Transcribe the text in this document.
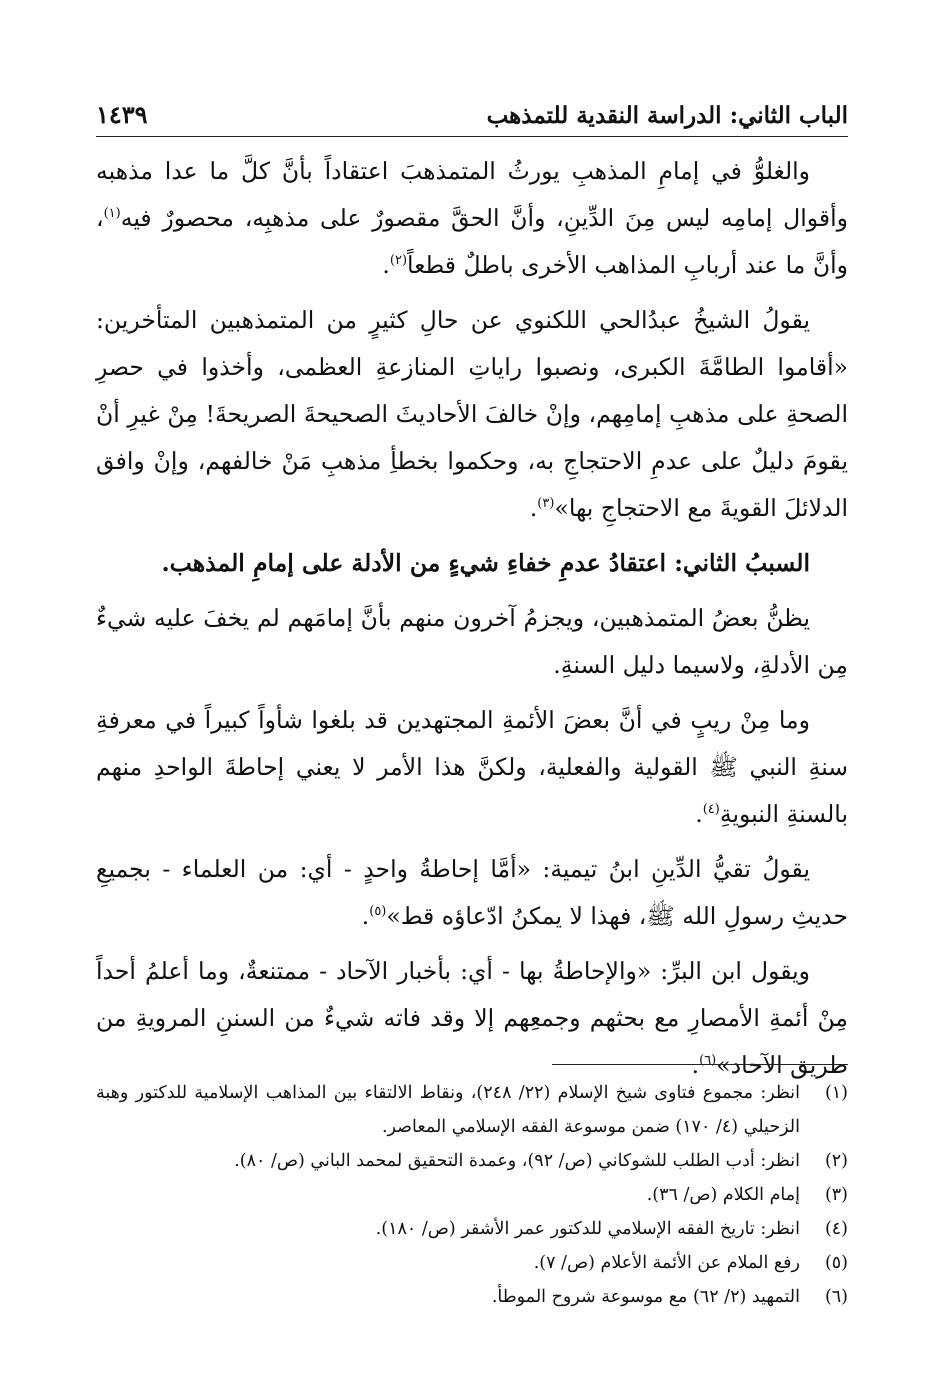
الباب الثاني: الدراسة النقدية للتمذهب
١٤٣٩

والغلوُّ في إمامِ المذهبِ يورثُ المتمذهبَ اعتقاداً بأنَّ كلَّ ما عدا مذهبه وأقوال إمامِه ليس مِنَ الدِّينِ، وأنَّ الحقَّ مقصورٌ على مذهبِه، محصورٌ فيه$^{(١)}$، وأنَّ ما عند أربابِ المذاهب الأخرى باطلٌ قطعاً$^{(٢)}$.

يقولُ الشيخُ عبدُالحي اللكنوي عن حالِ كثيرٍ من المتمذهبين المتأخرين: «أقاموا الطامَّةَ الكبرى، ونصبوا راياتِ المنازعةِ العظمى، وأخذوا في حصرِ الصحةِ على مذهبِ إمامِهم، وإنْ خالفَ الأحاديثَ الصحيحةَ الصريحةَ! مِنْ غيرِ أنْ يقومَ دليلٌ على عدمِ الاحتجاجِ به، وحكموا بخطأِ مذهبِ مَنْ خالفهم، وإنْ وافق الدلائلَ القويةَ مع الاحتجاجِ بها»$^{(٣)}$.

السببُ الثاني: اعتقادُ عدمِ خفاءِ شيءٍ من الأدلة على إمامِ المذهب.

يظنُّ بعضُ المتمذهبين، ويجزمُ آخرون منهم بأنَّ إمامَهم لم يخفَ عليه شيءٌ مِن الأدلةِ، ولاسيما دليل السنةِ.

وما مِنْ ريبٍ في أنَّ بعضَ الأئمةِ المجتهدين قد بلغوا شأواً كبيراً في معرفةِ سنةِ النبي ﷺ القولية والفعلية، ولكنَّ هذا الأمر لا يعني إحاطةَ الواحدِ منهم بالسنةِ النبويةِ$^{(٤)}$.

يقولُ تقيُّ الدِّينِ ابنُ تيمية: «أمَّا إحاطةُ واحدٍ - أي: من العلماء - بجميعِ حديثِ رسولِ الله ﷺ، فهذا لا يمكنُ ادّعاؤه قط»$^{(٥)}$.

ويقول ابن البرِّ: «والإحاطةُ بها - أي: بأخبار الآحاد - ممتنعةٌ، وما أعلمُ أحداً مِنْ أئمةِ الأمصارِ مع بحثهم وجمعِهم إلا وقد فاته شيءٌ من السننِ المرويةِ من طريق الآحاد»$^{(٦)}$.

(١)
انظر: مجموع فتاوى شيخ الإسلام (٢٢/ ٢٤٨)، ونقاط الالتقاء بين المذاهب الإسلامية للدكتور وهبة الزحيلي (٤/ ١٧٠) ضمن موسوعة الفقه الإسلامي المعاصر.
(٢)
انظر: أدب الطلب للشوكاني (ص/ ٩٢)، وعمدة التحقيق لمحمد الباني (ص/ ٨٠).
(٣)
إمام الكلام (ص/ ٣٦).
(٤)
انظر: تاريخ الفقه الإسلامي للدكتور عمر الأشقر (ص/ ١٨٠).
(٥)
رفع الملام عن الأئمة الأعلام (ص/ ٧).
(٦)
التمهيد (٢/ ٦٢) مع موسوعة شروح الموطأ.
